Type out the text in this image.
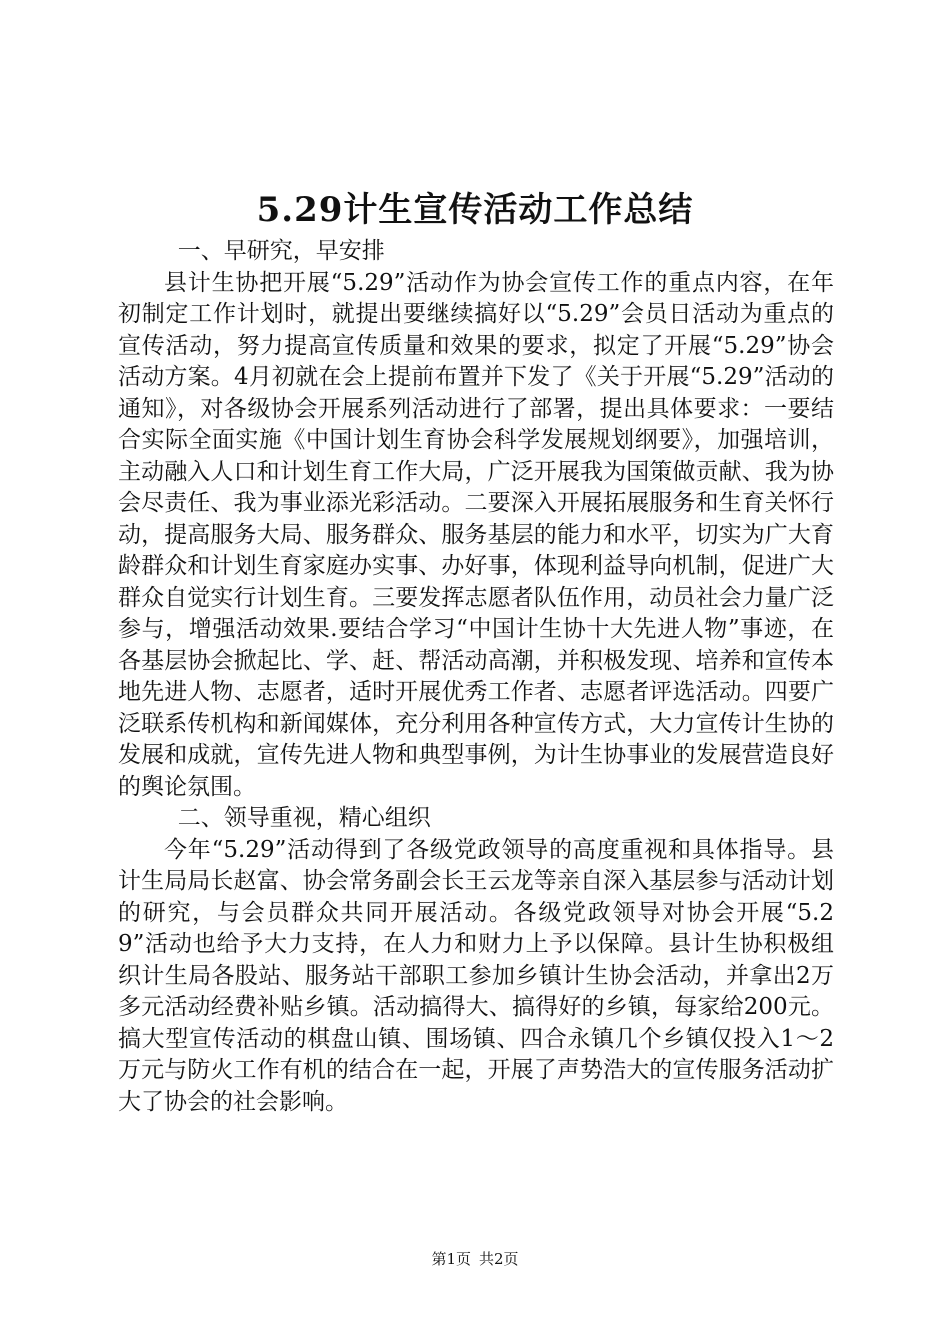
5.29计生宣传活动工作总结

一、早研究，早安排

县计生协把开展“5.29”活动作为协会宣传工作的重点内容，在年初制定工作计划时，就提出要继续搞好以“5.29”会员日活动为重点的宣传活动，努力提高宣传质量和效果的要求，拟定了开展“5.29”协会活动方案。4月初就在会上提前布置并下发了《关于开展“5.29”活动的通知》，对各级协会开展系列活动进行了部署，提出具体要求：一要结合实际全面实施《中国计划生育协会科学发展规划纲要》，加强培训，主动融入人口和计划生育工作大局，广泛开展我为国策做贡献、我为协会尽责任、我为事业添光彩活动。二要深入开展拓展服务和生育关怀行动，提高服务大局、服务群众、服务基层的能力和水平，切实为广大育龄群众和计划生育家庭办实事、办好事，体现利益导向机制，促进广大群众自觉实行计划生育。三要发挥志愿者队伍作用，动员社会力量广泛参与，增强活动效果.要结合学习“中国计生协十大先进人物”事迹，在各基层协会掀起比、学、赶、帮活动高潮，并积极发现、培养和宣传本地先进人物、志愿者，适时开展优秀工作者、志愿者评选活动。四要广泛联系传机构和新闻媒体，充分利用各种宣传方式，大力宣传计生协的发展和成就，宣传先进人物和典型事例，为计生协事业的发展营造良好的舆论氛围。

二、领导重视，精心组织

今年“5.29”活动得到了各级党政领导的高度重视和具体指导。县计生局局长赵富、协会常务副会长王云龙等亲自深入基层参与活动计划的研究，与会员群众共同开展活动。各级党政领导对协会开展“5.29”活动也给予大力支持，在人力和财力上予以保障。县计生协积极组织计生局各股站、服务站干部职工参加乡镇计生协会活动，并拿出2万多元活动经费补贴乡镇。活动搞得大、搞得好的乡镇，每家给200元。搞大型宣传活动的棋盘山镇、围场镇、四合永镇几个乡镇仅投入1～2万元与防火工作有机的结合在一起，开展了声势浩大的宣传服务活动扩大了协会的社会影响。

第1页 共2页
